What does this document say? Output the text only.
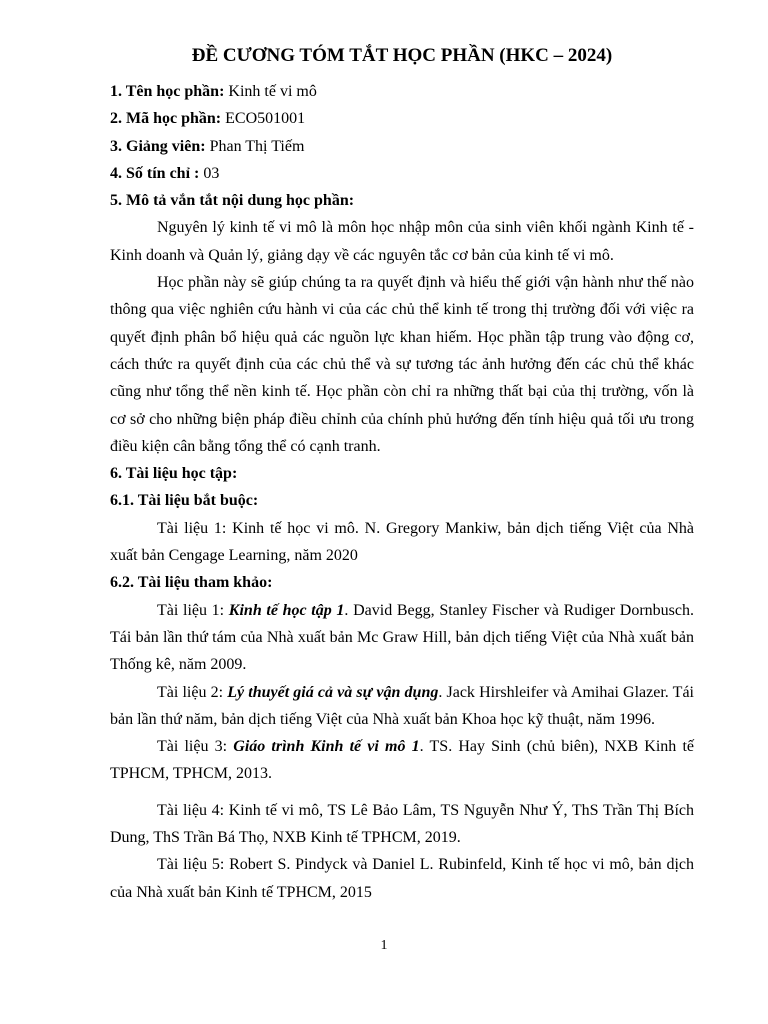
ĐỀ CƯƠNG TÓM TẮT HỌC PHẦN (HKC – 2024)

1. Tên học phần: Kinh tế vi mô

2. Mã học phần: ECO501001

3. Giảng viên: Phan Thị Tiếm

4. Số tín chỉ : 03

5. Mô tả vắn tắt nội dung học phần:

Nguyên lý kinh tế vi mô là môn học nhập môn của sinh viên khối ngành Kinh tế - Kinh doanh và Quản lý, giảng dạy về các nguyên tắc cơ bản của kinh tế vi mô.

Học phần này sẽ giúp chúng ta ra quyết định và hiểu thế giới vận hành như thế nào thông qua việc nghiên cứu hành vi của các chủ thể kinh tế trong thị trường đối với việc ra quyết định phân bổ hiệu quả các nguồn lực khan hiếm. Học phần tập trung vào động cơ, cách thức ra quyết định của các chủ thể và sự tương tác ảnh hưởng đến các chủ thể khác cũng như tổng thể nền kinh tế. Học phần còn chỉ ra những thất bại của thị trường, vốn là cơ sở cho những biện pháp điều chỉnh của chính phủ hướng đến tính hiệu quả tối ưu trong điều kiện cân bằng tổng thể có cạnh tranh.

6. Tài liệu học tập:

6.1. Tài liệu bắt buộc:

Tài liệu 1: Kinh tế học vi mô. N. Gregory Mankiw, bản dịch tiếng Việt của Nhà xuất bản Cengage Learning, năm 2020

6.2. Tài liệu tham khảo:

Tài liệu 1: Kinh tế học tập 1. David Begg, Stanley Fischer và Rudiger Dornbusch. Tái bản lần thứ tám của Nhà xuất bản Mc Graw Hill, bản dịch tiếng Việt của Nhà xuất bản Thống kê, năm 2009.

Tài liệu 2: Lý thuyết giá cả và sự vận dụng. Jack Hirshleifer và Amihai Glazer. Tái bản lần thứ năm, bản dịch tiếng Việt của Nhà xuất bản Khoa học kỹ thuật, năm 1996.

Tài liệu 3: Giáo trình Kinh tế vi mô 1. TS. Hay Sinh (chủ biên), NXB Kinh tế TPHCM, TPHCM, 2013.

Tài liệu 4: Kinh tế vi mô, TS Lê Bảo Lâm, TS Nguyễn Như Ý, ThS Trần Thị Bích Dung, ThS Trần Bá Thọ, NXB Kinh tế TPHCM, 2019.

Tài liệu 5: Robert S. Pindyck và Daniel L. Rubinfeld, Kinh tế học vi mô, bản dịch của Nhà xuất bản Kinh tế TPHCM, 2015

1
